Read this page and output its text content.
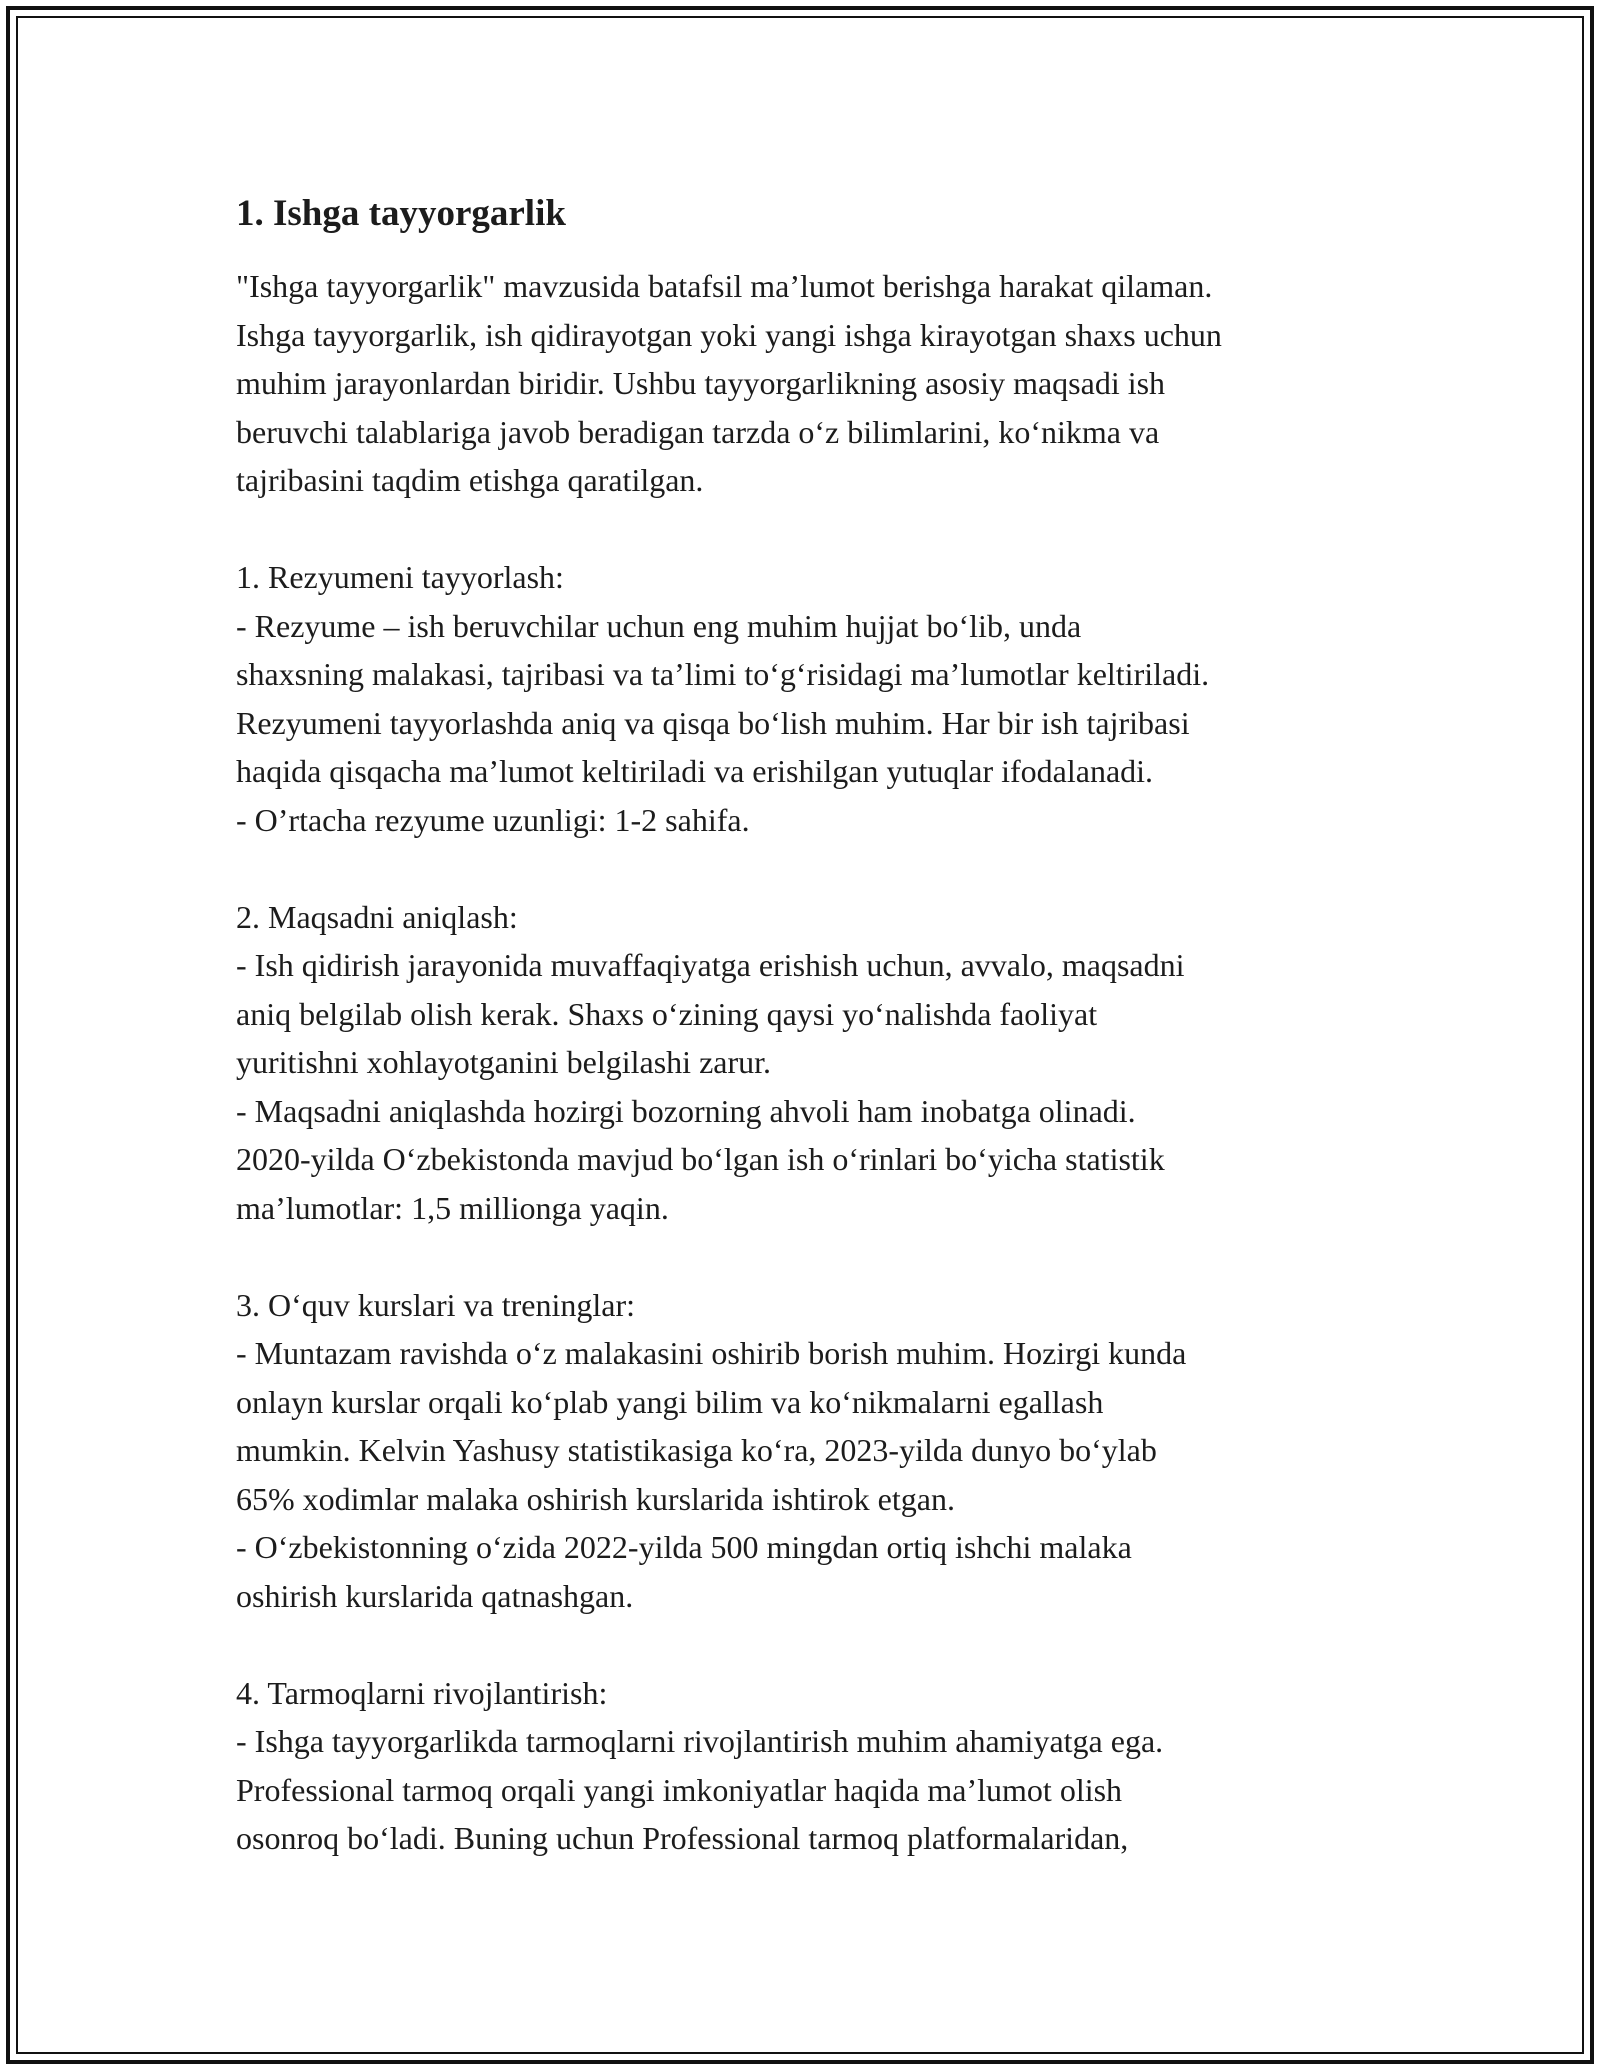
1. Ishga tayyorgarlik

"Ishga tayyorgarlik" mavzusida batafsil ma’lumot berishga harakat qilaman.
Ishga tayyorgarlik, ish qidirayotgan yoki yangi ishga kirayotgan shaxs uchun
muhim jarayonlardan biridir. Ushbu tayyorgarlikning asosiy maqsadi ish
beruvchi talablariga javob beradigan tarzda o‘z bilimlarini, ko‘nikma va
tajribasini taqdim etishga qaratilgan.

1. Rezyumeni tayyorlash:

- Rezyume – ish beruvchilar uchun eng muhim hujjat bo‘lib, unda
shaxsning malakasi, tajribasi va ta’limi to‘g‘risidagi ma’lumotlar keltiriladi.
Rezyumeni tayyorlashda aniq va qisqa bo‘lish muhim. Har bir ish tajribasi
haqida qisqacha ma’lumot keltiriladi va erishilgan yutuqlar ifodalanadi.
- O’rtacha rezyume uzunligi: 1-2 sahifa.

2. Maqsadni aniqlash:

- Ish qidirish jarayonida muvaffaqiyatga erishish uchun, avvalo, maqsadni
aniq belgilab olish kerak. Shaxs o‘zining qaysi yo‘nalishda faoliyat
yuritishni xohlayotganini belgilashi zarur.
- Maqsadni aniqlashda hozirgi bozorning ahvoli ham inobatga olinadi.
2020-yilda O‘zbekistonda mavjud bo‘lgan ish o‘rinlari bo‘yicha statistik
ma’lumotlar: 1,5 millionga yaqin.

3. O‘quv kurslari va treninglar:

- Muntazam ravishda o‘z malakasini oshirib borish muhim. Hozirgi kunda
onlayn kurslar orqali ko‘plab yangi bilim va ko‘nikmalarni egallash
mumkin. Kelvin Yashusy statistikasiga ko‘ra, 2023-yilda dunyo bo‘ylab
65% xodimlar malaka oshirish kurslarida ishtirok etgan.
- O‘zbekistonning o‘zida 2022-yilda 500 mingdan ortiq ishchi malaka
oshirish kurslarida qatnashgan.

4. Tarmoqlarni rivojlantirish:

- Ishga tayyorgarlikda tarmoqlarni rivojlantirish muhim ahamiyatga ega.
Professional tarmoq orqali yangi imkoniyatlar haqida ma’lumot olish
osonroq bo‘ladi. Buning uchun Professional tarmoq platformalaridan,
